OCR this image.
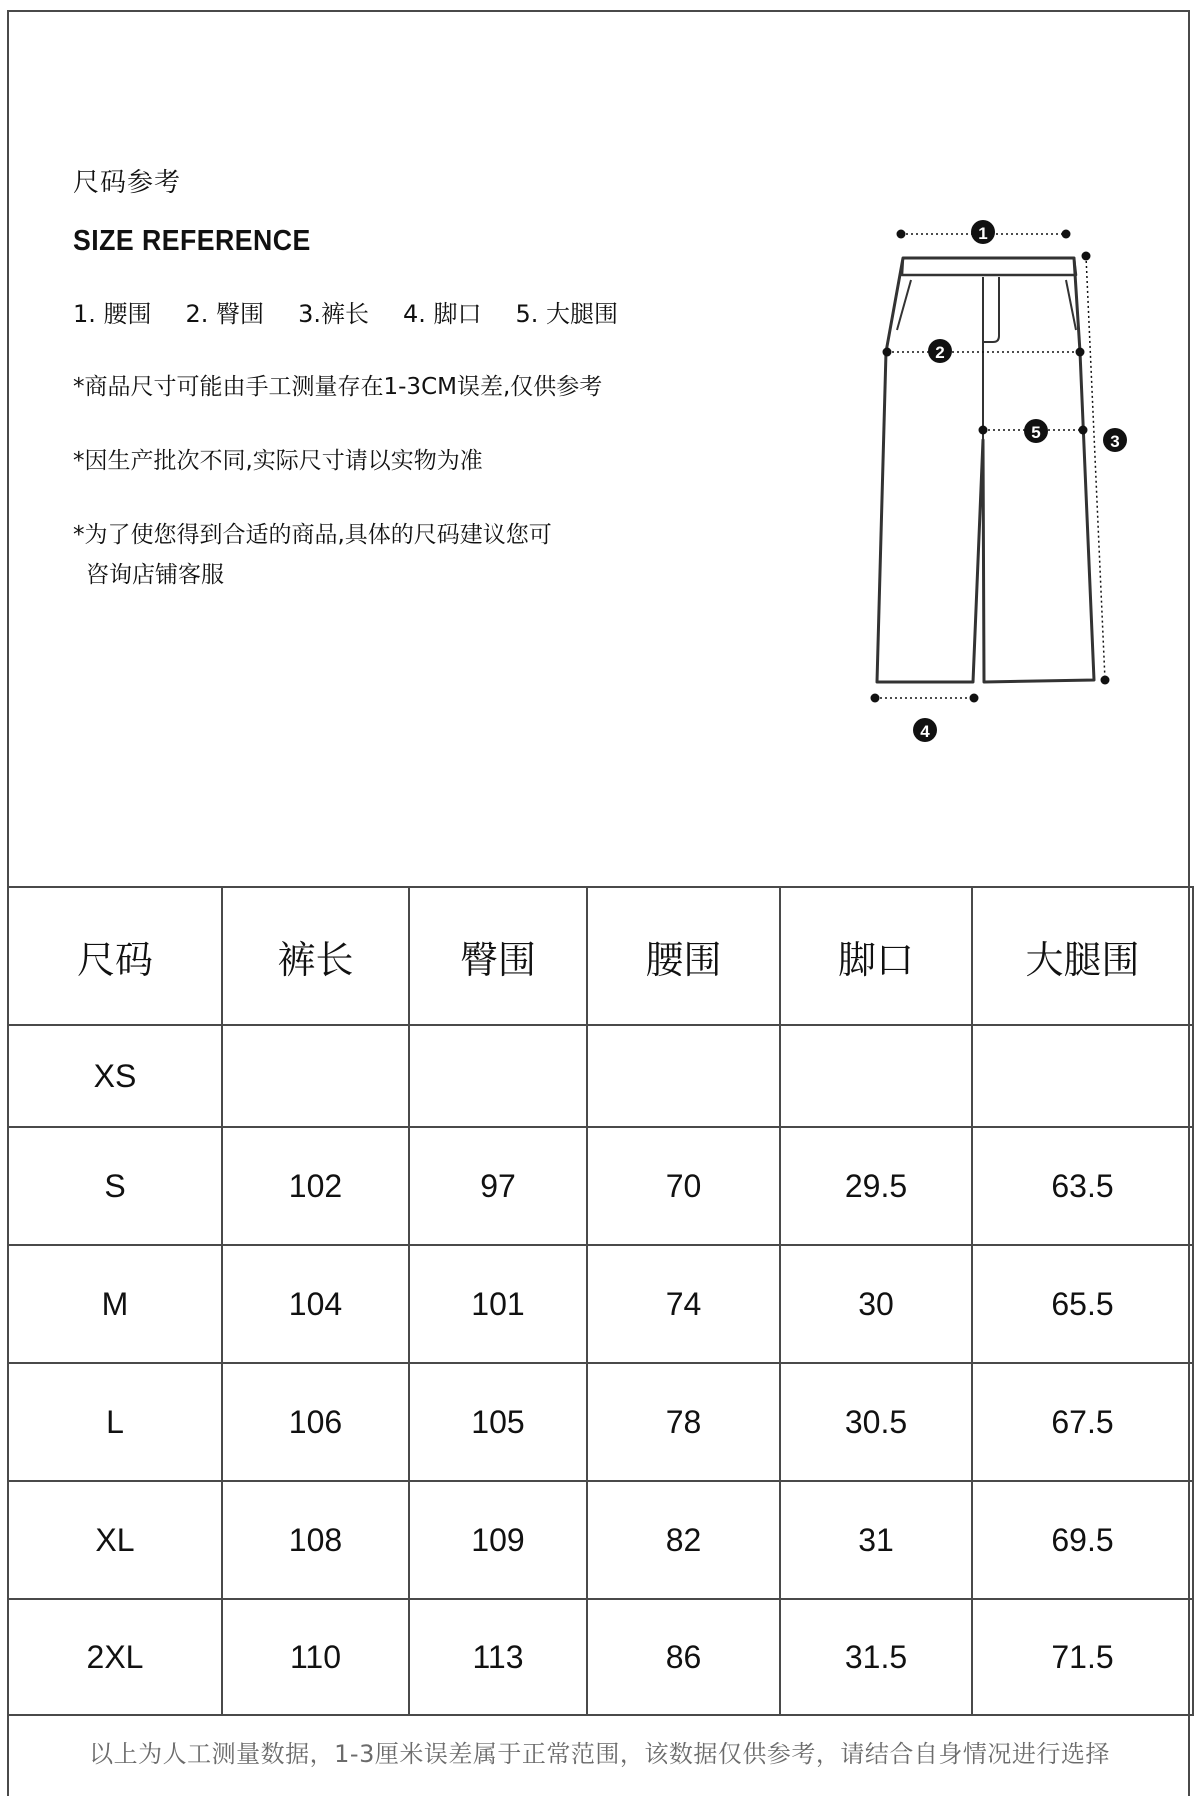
尺码参考
SIZE REFERENCE
1. 腰围 2. 臀围 3.裤长 4. 脚口 5. 大腿围
*商品尺寸可能由手工测量存在1-3CM误差,仅供参考
*因生产批次不同,实际尺寸请以实物为准
*为了使您得到合适的商品,具体的尺码建议您可
咨询店铺客服
1
2
3
4
5
尺码	裤长	臀围	腰围	脚口	大腿围
XS					
S	102	97	70	29.5	63.5
M	104	101	74	30	65.5
L	106	105	78	30.5	67.5
XL	108	109	82	31	69.5
2XL	110	113	86	31.5	71.5
以上为人工测量数据，1-3厘米误差属于正常范围，该数据仅供参考，请结合自身情况进行选择
